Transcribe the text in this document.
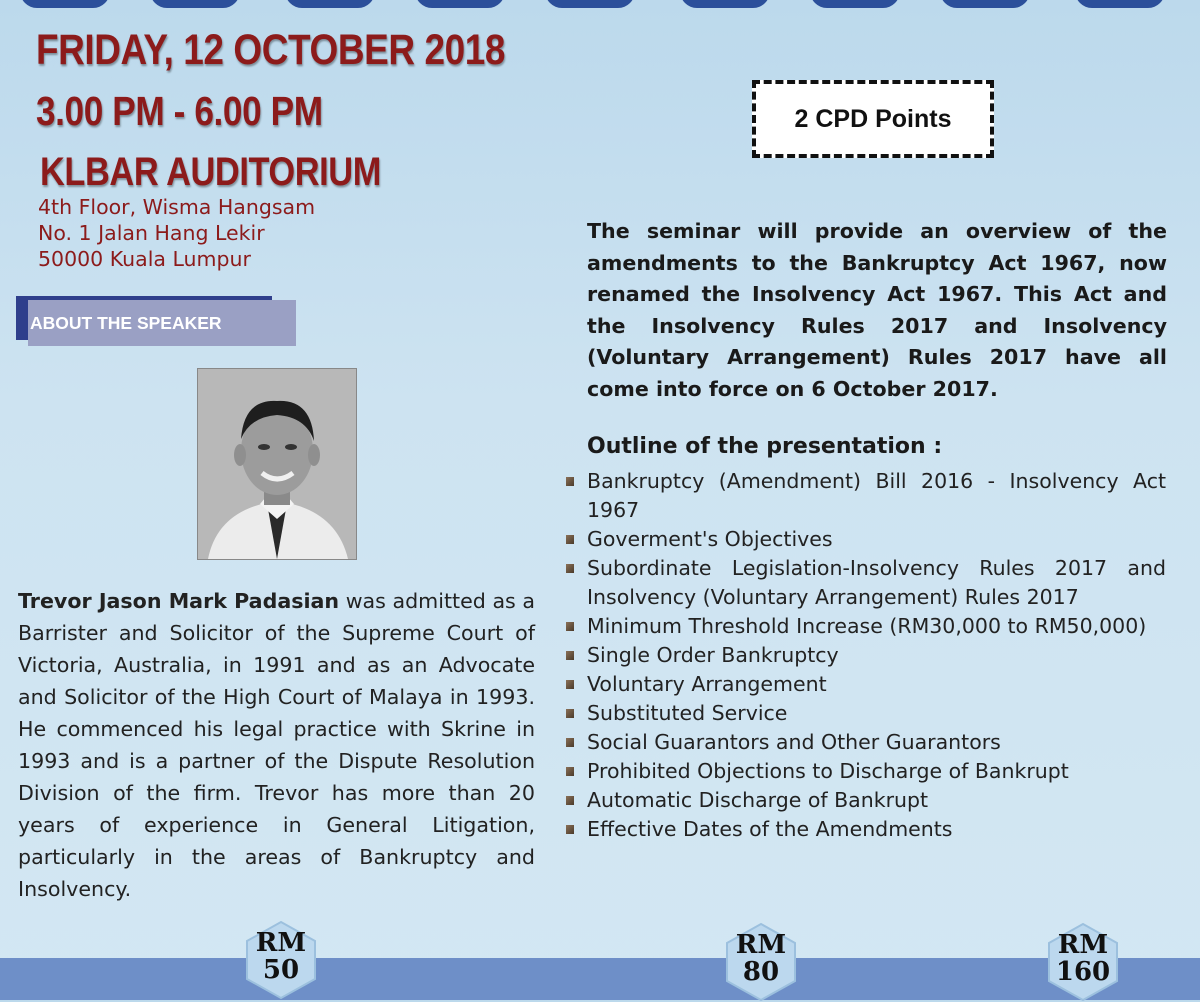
FRIDAY, 12 OCTOBER 2018
3.00 PM - 6.00 PM
KLBAR AUDITORIUM
4th Floor, Wisma Hangsam
No. 1 Jalan Hang Lekir
50000 Kuala Lumpur
ABOUT THE SPEAKER
Trevor Jason Mark Padasian was admitted as a Barrister and Solicitor of the Supreme Court of Victoria, Australia, in 1991 and as an Advocate and Solicitor of the High Court of Malaya in 1993. He commenced his legal practice with Skrine in 1993 and is a partner of the Dispute Resolution Division of the firm. Trevor has more than 20 years of experience in General Litigation, particularly in the areas of Bankruptcy and Insolvency.
2 CPD Points
The seminar will provide an overview of the amendments to the Bankruptcy Act 1967, now renamed the Insolvency Act 1967. This Act and the Insolvency Rules 2017 and Insolvency (Voluntary Arrangement) Rules 2017 have all come into force on 6 October 2017.
Outline of the presentation :
Bankruptcy (Amendment) Bill 2016 - Insolvency Act 1967
Goverment's Objectives
Subordinate Legislation-Insolvency Rules 2017 and Insolvency (Voluntary Arrangement) Rules 2017
Minimum Threshold Increase (RM30,000 to RM50,000)
Single Order Bankruptcy
Voluntary Arrangement
Substituted Service
Social Guarantors and Other Guarantors
Prohibited Objections to Discharge of Bankrupt
Automatic Discharge of Bankrupt
Effective Dates of the Amendments
RM
50
RM
80
RM
160
